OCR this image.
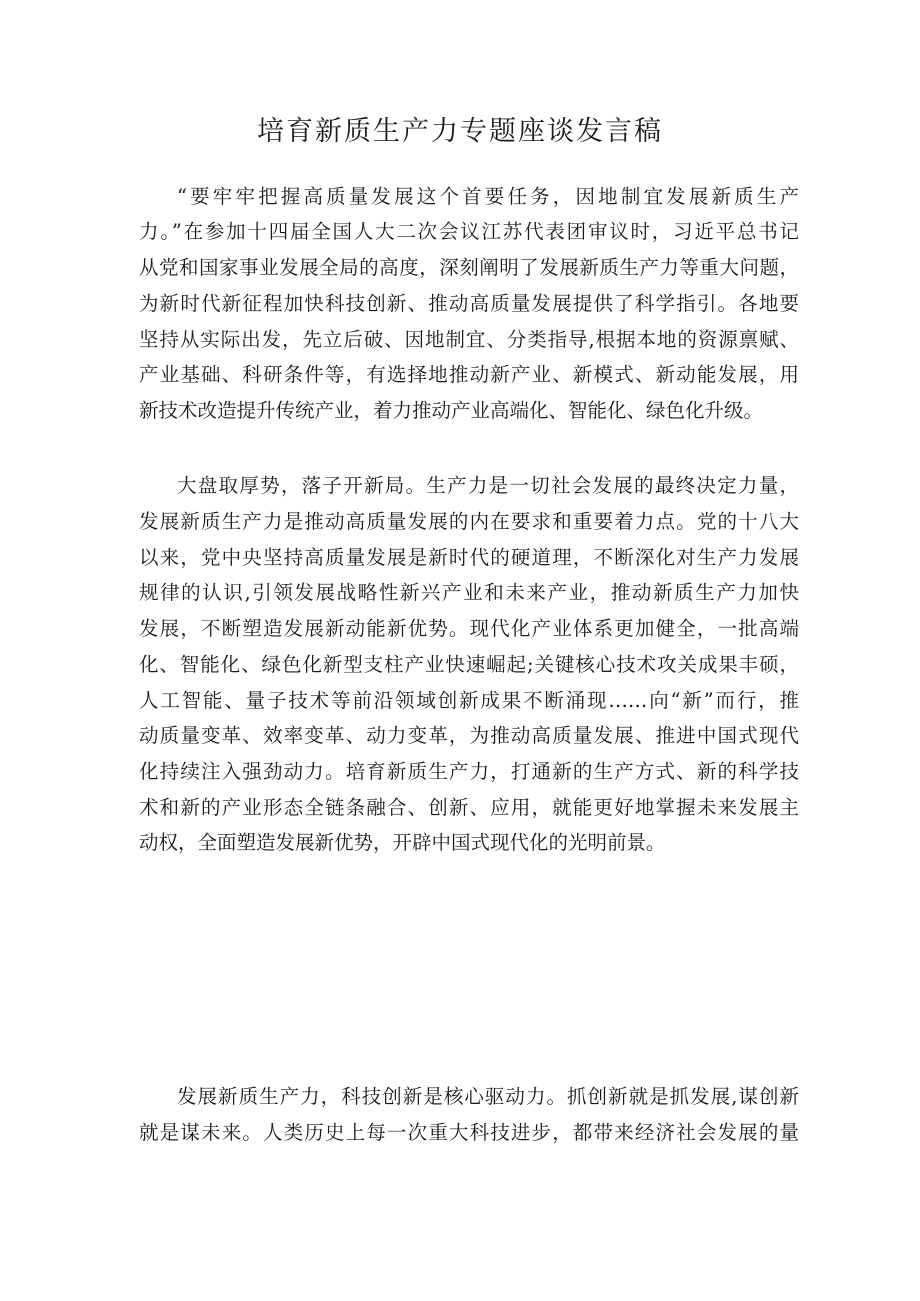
培育新质生产力专题座谈发言稿

“要牢牢把握高质量发展这个首要任务，因地制宜发展新质生产

力。”在参加十四届全国人大二次会议江苏代表团审议时，习近平总书记

从党和国家事业发展全局的高度，深刻阐明了发展新质生产力等重大问题，

为新时代新征程加快科技创新、推动高质量发展提供了科学指引。各地要

坚持从实际出发，先立后破、因地制宜、分类指导,根据本地的资源禀赋、

产业基础、科研条件等，有选择地推动新产业、新模式、新动能发展，用

新技术改造提升传统产业，着力推动产业高端化、智能化、绿色化升级。

大盘取厚势，落子开新局。生产力是一切社会发展的最终决定力量，

发展新质生产力是推动高质量发展的内在要求和重要着力点。党的十八大

以来，党中央坚持高质量发展是新时代的硬道理，不断深化对生产力发展

规律的认识,引领发展战略性新兴产业和未来产业，推动新质生产力加快

发展，不断塑造发展新动能新优势。现代化产业体系更加健全，一批高端

化、智能化、绿色化新型支柱产业快速崛起;关键核心技术攻关成果丰硕，

人工智能、量子技术等前沿领域创新成果不断涌现……向“新”而行，推

动质量变革、效率变革、动力变革，为推动高质量发展、推进中国式现代

化持续注入强劲动力。培育新质生产力，打通新的生产方式、新的科学技

术和新的产业形态全链条融合、创新、应用，就能更好地掌握未来发展主

动权，全面塑造发展新优势，开辟中国式现代化的光明前景。

发展新质生产力，科技创新是核心驱动力。抓创新就是抓发展,谋创新

就是谋未来。人类历史上每一次重大科技进步，都带来经济社会发展的量
